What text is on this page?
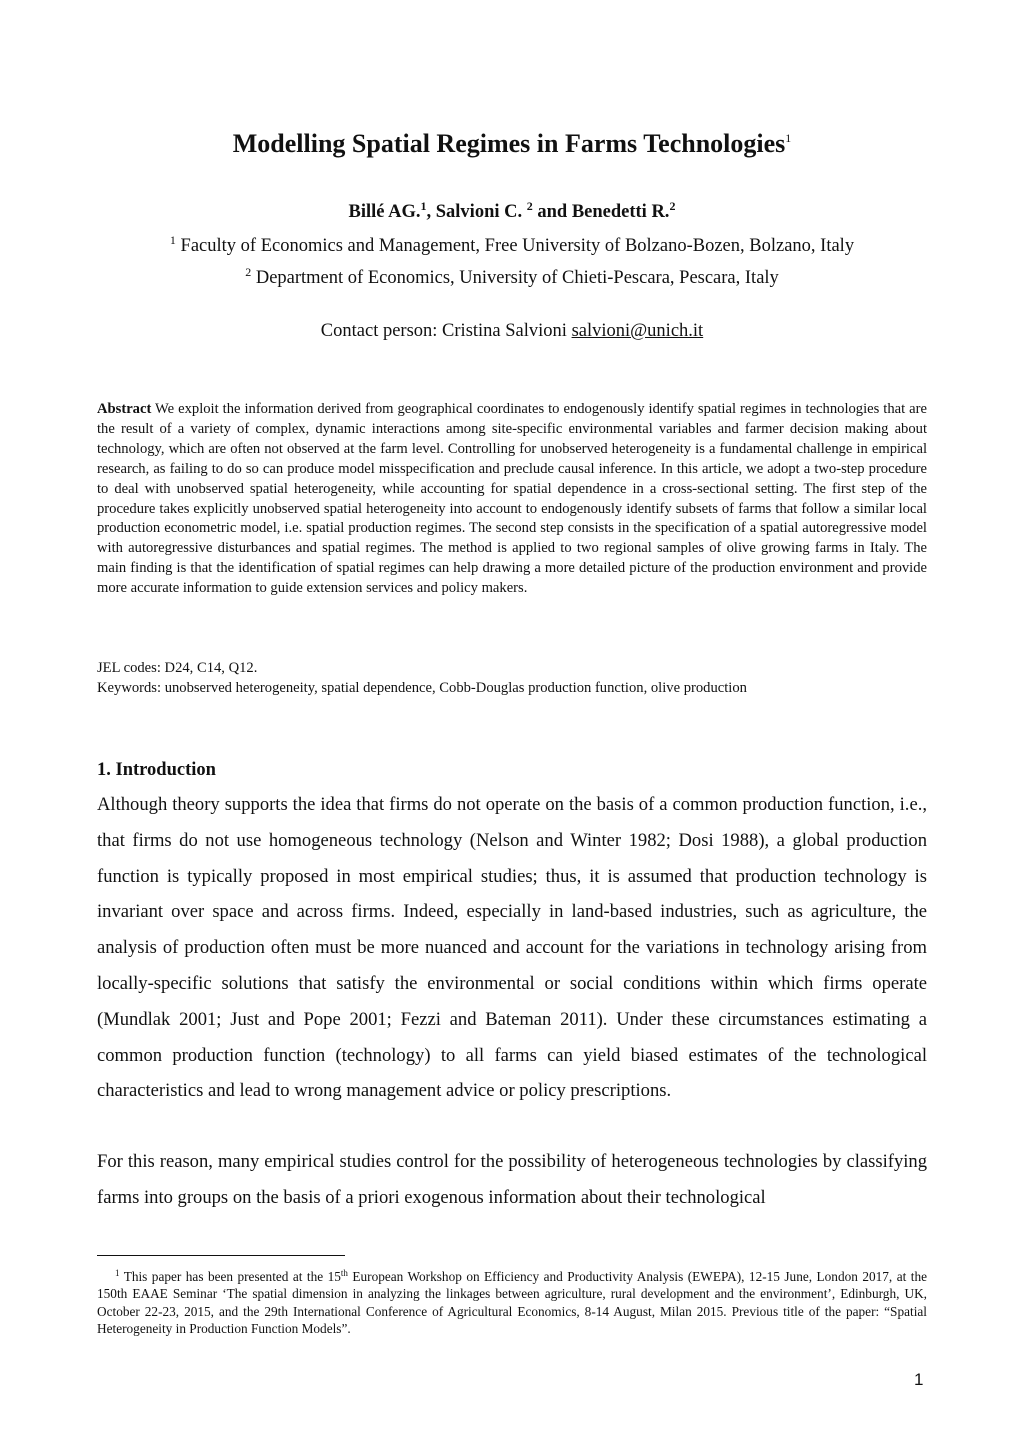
Modelling Spatial Regimes in Farms Technologies$^1$
Billé AG.$^1$, Salvioni C. $^2$ and Benedetti R.$^2$
$^1$ Faculty of Economics and Management, Free University of Bolzano-Bozen, Bolzano, Italy
$^2$ Department of Economics, University of Chieti-Pescara, Pescara, Italy
Contact person: Cristina Salvioni salvioni@unich.it

Abstract We exploit the information derived from geographical coordinates to endogenously identify spatial regimes in technologies that are the result of a variety of complex, dynamic interactions among site-specific environmental variables and farmer decision making about technology, which are often not observed at the farm level. Controlling for unobserved heterogeneity is a fundamental challenge in empirical research, as failing to do so can produce model misspecification and preclude causal inference. In this article, we adopt a two-step procedure to deal with unobserved spatial heterogeneity, while accounting for spatial dependence in a cross-sectional setting. The first step of the procedure takes explicitly unobserved spatial heterogeneity into account to endogenously identify subsets of farms that follow a similar local production econometric model, i.e. spatial production regimes. The second step consists in the specification of a spatial autoregressive model with autoregressive disturbances and spatial regimes. The method is applied to two regional samples of olive growing farms in Italy. The main finding is that the identification of spatial regimes can help drawing a more detailed picture of the production environment and provide more accurate information to guide extension services and policy makers.

JEL codes: D24, C14, Q12.
Keywords: unobserved heterogeneity, spatial dependence, Cobb-Douglas production function, olive production
1. Introduction

Although theory supports the idea that firms do not operate on the basis of a common production function, i.e., that firms do not use homogeneous technology (Nelson and Winter 1982; Dosi 1988), a global production function is typically proposed in most empirical studies; thus, it is assumed that production technology is invariant over space and across firms. Indeed, especially in land-based industries, such as agriculture, the analysis of production often must be more nuanced and account for the variations in technology arising from locally-specific solutions that satisfy the environmental or social conditions within which firms operate (Mundlak 2001; Just and Pope 2001; Fezzi and Bateman 2011). Under these circumstances estimating a common production function (technology) to all farms can yield biased estimates of the technological characteristics and lead to wrong management advice or policy prescriptions.

For this reason, many empirical studies control for the possibility of heterogeneous technologies by classifying farms into groups on the basis of a priori exogenous information about their technological

$^1$ This paper has been presented at the 15th European Workshop on Efficiency and Productivity Analysis (EWEPA), 12-15 June, London 2017, at the 150th EAAE Seminar ‘The spatial dimension in analyzing the linkages between agriculture, rural development and the environment’, Edinburgh, UK, October 22-23, 2015, and the 29th International Conference of Agricultural Economics, 8-14 August, Milan 2015. Previous title of the paper: “Spatial Heterogeneity in Production Function Models”.

1
